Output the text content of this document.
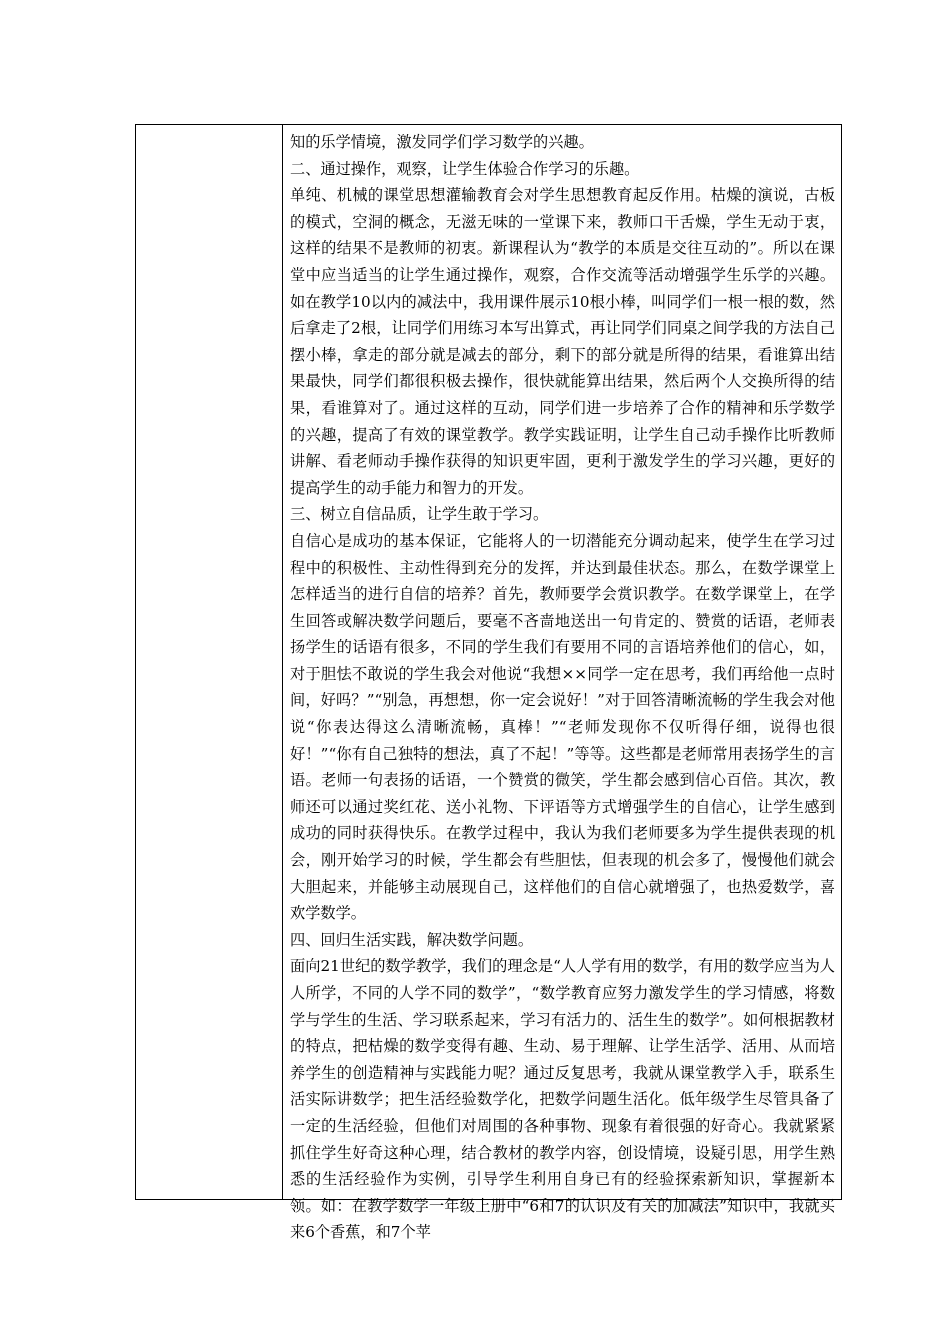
知的乐学情境，激发同学们学习数学的兴趣。

二、通过操作，观察，让学生体验合作学习的乐趣。

单纯、机械的课堂思想灌输教育会对学生思想教育起反作用。枯燥的演说，古板的模式，空洞的概念，无滋无味的一堂课下来，教师口干舌燥，学生无动于衷，这样的结果不是教师的初衷。新课程认为“教学的本质是交往互动的”。所以在课堂中应当适当的让学生通过操作，观察，合作交流等活动增强学生乐学的兴趣。如在教学10以内的减法中，我用课件展示10根小棒，叫同学们一根一根的数，然后拿走了2根，让同学们用练习本写出算式，再让同学们同桌之间学我的方法自己摆小棒，拿走的部分就是减去的部分，剩下的部分就是所得的结果，看谁算出结果最快，同学们都很积极去操作，很快就能算出结果，然后两个人交换所得的结果，看谁算对了。通过这样的互动，同学们进一步培养了合作的精神和乐学数学的兴趣，提高了有效的课堂教学。教学实践证明，让学生自己动手操作比听教师讲解、看老师动手操作获得的知识更牢固，更利于激发学生的学习兴趣，更好的提高学生的动手能力和智力的开发。

三、树立自信品质，让学生敢于学习。

自信心是成功的基本保证，它能将人的一切潜能充分调动起来，使学生在学习过程中的积极性、主动性得到充分的发挥，并达到最佳状态。那么，在数学课堂上怎样适当的进行自信的培养？首先，教师要学会赏识教学。在数学课堂上，在学生回答或解决数学问题后，要毫不吝啬地送出一句肯定的、赞赏的话语，老师表扬学生的话语有很多，不同的学生我们有要用不同的言语培养他们的信心，如，对于胆怯不敢说的学生我会对他说“我想××同学一定在思考，我们再给他一点时间，好吗？”“别急，再想想，你一定会说好！”对于回答清晰流畅的学生我会对他说“你表达得这么清晰流畅，真棒！”“老师发现你不仅听得仔细，说得也很好！”“你有自己独特的想法，真了不起！”等等。这些都是老师常用表扬学生的言语。老师一句表扬的话语，一个赞赏的微笑，学生都会感到信心百倍。其次，教师还可以通过奖红花、送小礼物、下评语等方式增强学生的自信心，让学生感到成功的同时获得快乐。在教学过程中，我认为我们老师要多为学生提供表现的机会，刚开始学习的时候，学生都会有些胆怯，但表现的机会多了，慢慢他们就会大胆起来，并能够主动展现自己，这样他们的自信心就增强了，也热爱数学，喜欢学数学。

四、回归生活实践，解决数学问题。

面向21世纪的数学教学，我们的理念是“人人学有用的数学，有用的数学应当为人人所学，不同的人学不同的数学”，“数学教育应努力激发学生的学习情感，将数学与学生的生活、学习联系起来，学习有活力的、活生生的数学”。如何根据教材的特点，把枯燥的数学变得有趣、生动、易于理解、让学生活学、活用、从而培养学生的创造精神与实践能力呢？通过反复思考，我就从课堂教学入手，联系生活实际讲数学；把生活经验数学化，把数学问题生活化。低年级学生尽管具备了一定的生活经验，但他们对周围的各种事物、现象有着很强的好奇心。我就紧紧抓住学生好奇这种心理，结合教材的教学内容，创设情境，设疑引思，用学生熟悉的生活经验作为实例，引导学生利用自身已有的经验探索新知识，掌握新本领。如：在教学数学一年级上册中“6和7的认识及有关的加减法”知识中，我就买来6个香蕉，和7个苹
